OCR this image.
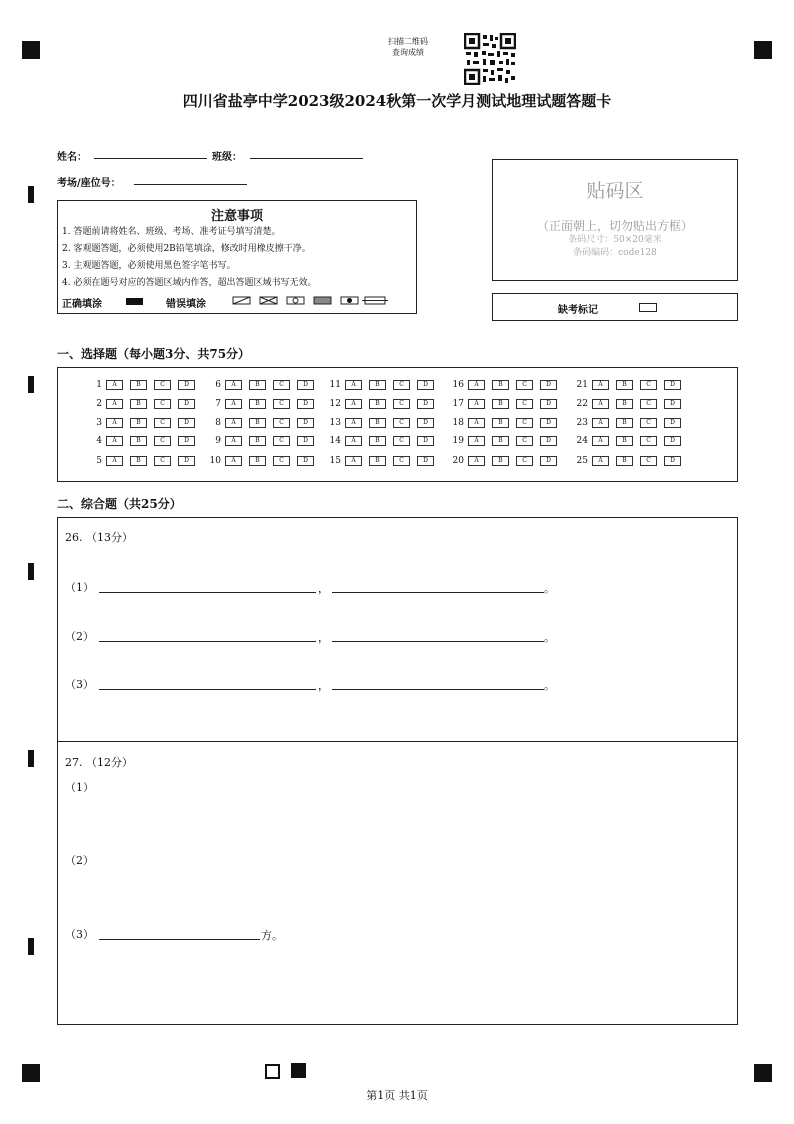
扫描二维码
查询成绩
四川省盐亭中学2023级2024秋第一次学月测试地理试题答题卡
姓名：	班级：
考场/座位号：
注意事项
1. 答题前请将姓名、班级、考场、准考证号填写清楚。
2. 客观题答题，必须使用2B铅笔填涂，修改时用橡皮擦干净。
3. 主观题答题，必须使用黑色签字笔书写。
4. 必须在题号对应的答题区域内作答，超出答题区域书写无效。
正确填涂	错误填涂
贴码区
（正面朝上，切勿贴出方框）
条码尺寸：50×20毫米
条码编码：code128
缺考标记
一、选择题（每小题3分、共75分）
1 A	B	C	D
2 A	B	C	D
3 A	B	C	D
4 A	B	C	D
5 A	B	C	D
6 A	B	C	D
7 A	B	C	D
8 A	B	C	D
9 A	B	C	D
10 A	B	C	D
11 A	B	C	D
12 A	B	C	D
13 A	B	C	D
14 A	B	C	D
15 A	B	C	D
16 A	B	C	D
17 A	B	C	D
18 A	B	C	D
19 A	B	C	D
20 A	B	C	D
21 A	B	C	D
22 A	B	C	D
23 A	B	C	D
24 A	B	C	D
25 A	B	C	D
二、综合题（共25分）
26. （13分）
（1）	，	。
（2）	，	。
（3）	，	。
27. （12分）
（1）
（2）
（3）	方。
第1页 共1页
